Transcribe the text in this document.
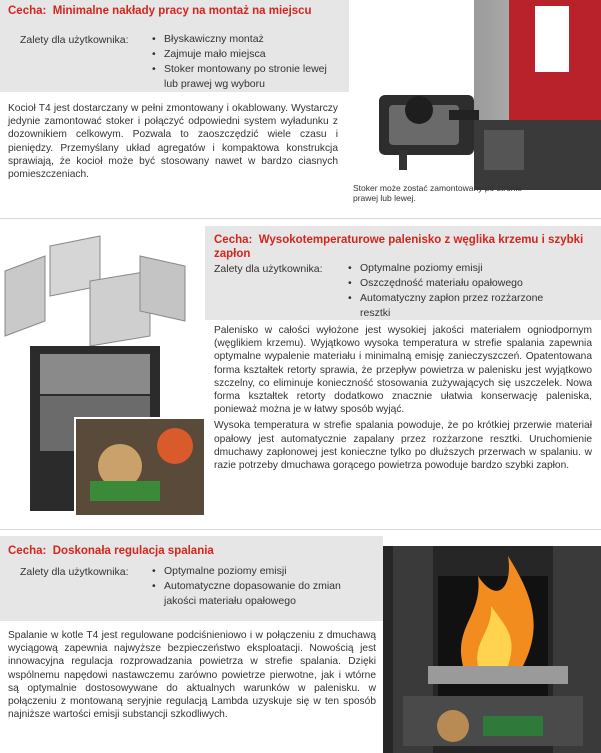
Cecha: Minimalne nakłady pracy na montaż na miejscu
Zalety dla użytkownika:	• Błyskawiczny montaż
• Zajmuje mało miejsca
• Stoker montowany po stronie lewej lub prawej wg wyboru

Kocioł T4 jest dostarczany w pełni zmontowany i okablowany. Wystarczy jedynie zamontować stoker i połączyć odpowiedni system wyładunku z dozownikiem celkowym. Pozwala to zaoszczędzić wiele czasu i pieniędzy. Przemyślany układ agregatów i kompaktowa konstrukcja sprawiają, że kocioł może być stosowany nawet w bardzo ciasnych pomieszczeniach.

Stoker może zostać zamontowany po stronie prawej lub lewej.
Cecha: Wysokotemperaturowe palenisko z węglika krzemu i szybki zapłon
Zalety dla użytkownika:	• Optymalne poziomy emisji
• Oszczędność materiału opałowego
• Automatyczny zapłon przez rozżarzone resztki

Palenisko w całości wyłożone jest wysokiej jakości materiałem ogniodpornym (węglikiem krzemu). Wyjątkowo wysoka temperatura w strefie spalania zapewnia optymalne wypalenie materiału i minimalną emisję zanieczyszczeń. Opatentowana forma kształtek retorty sprawia, że przepływ powietrza w palenisku jest wyjątkowo szczelny, co eliminuje konieczność stosowania zużywających się uszczelek. Nowa forma kształtek retorty dodatkowo znacznie ułatwia konserwację paleniska, ponieważ można je w łatwy sposób wyjąć.

Wysoka temperatura w strefie spalania powoduje, że po krótkiej przerwie materiał opałowy jest automatycznie zapalany przez rozżarzone resztki. Uruchomienie dmuchawy zapłonowej jest konieczne tylko po dłuższych przerwach w spalaniu. w razie potrzeby dmuchawa gorącego powietrza powoduje bardzo szybki zapłon.

Cecha: Doskonała regulacja spalania
Zalety dla użytkownika:	• Optymalne poziomy emisji
• Automatyczne dopasowanie do zmian jakości materiału opałowego

Spalanie w kotle T4 jest regulowane podciśnieniowo i w połączeniu z dmuchawą wyciągową zapewnia najwyższe bezpieczeństwo eksploatacji. Nowością jest innowacyjna regulacja rozprowadzania powietrza w strefie spalania. Dzięki wspólnemu napędowi nastawczemu zarówno powietrze pierwotne, jak i wtórne są optymalnie dostosowywane do aktualnych warunków w palenisku. w połączeniu z montowaną seryjnie regulacją Lambda uzyskuje się w ten sposób najniższe wartości emisji substancji szkodliwych.
